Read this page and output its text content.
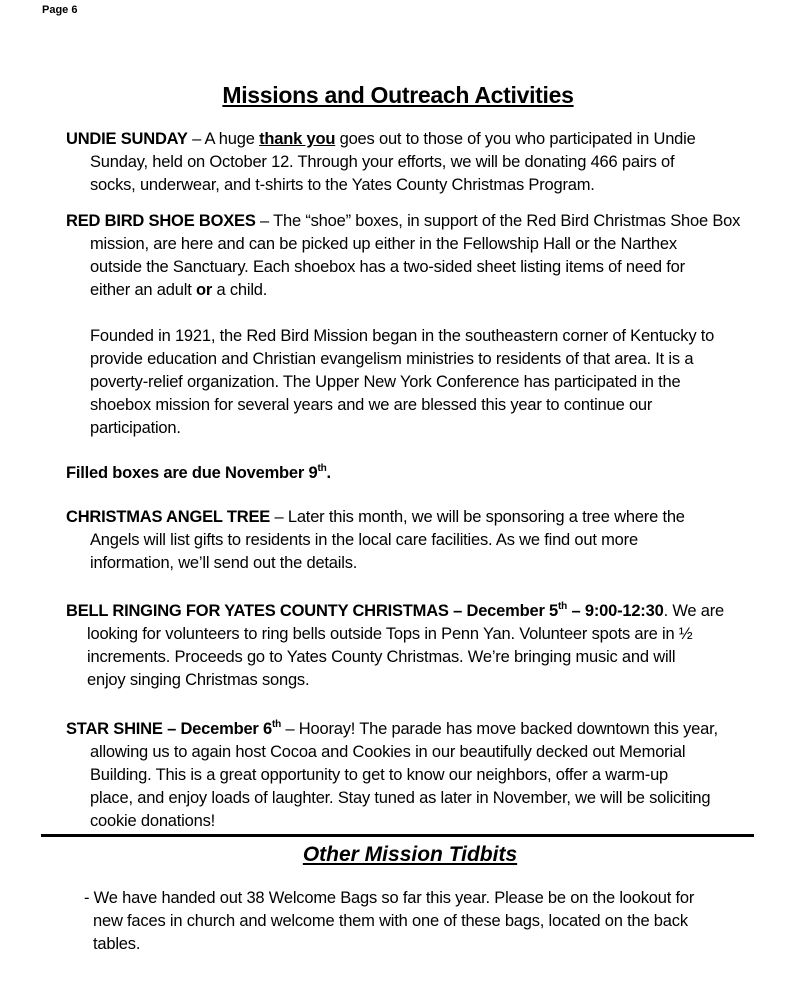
Page 6
Missions and Outreach Activities
UNDIE SUNDAY – A huge thank you goes out to those of you who participated in Undie
Sunday, held on October 12. Through your efforts, we will be donating 466 pairs of
socks, underwear, and t-shirts to the Yates County Christmas Program.
RED BIRD SHOE BOXES – The “shoe” boxes, in support of the Red Bird Christmas Shoe Box
mission, are here and can be picked up either in the Fellowship Hall or the Narthex
outside the Sanctuary. Each shoebox has a two-sided sheet listing items of need for
either an adult or a child.
Founded in 1921, the Red Bird Mission began in the southeastern corner of Kentucky to
provide education and Christian evangelism ministries to residents of that area. It is a
poverty-relief organization. The Upper New York Conference has participated in the
shoebox mission for several years and we are blessed this year to continue our
participation.
Filled boxes are due November 9th.
CHRISTMAS ANGEL TREE – Later this month, we will be sponsoring a tree where the
Angels will list gifts to residents in the local care facilities. As we find out more
information, we’ll send out the details.
BELL RINGING FOR YATES COUNTY CHRISTMAS – December 5th – 9:00-12:30. We are
looking for volunteers to ring bells outside Tops in Penn Yan. Volunteer spots are in ½
increments. Proceeds go to Yates County Christmas. We’re bringing music and will
enjoy singing Christmas songs.
STAR SHINE – December 6th – Hooray! The parade has move backed downtown this year,
allowing us to again host Cocoa and Cookies in our beautifully decked out Memorial
Building. This is a great opportunity to get to know our neighbors, offer a warm-up
place, and enjoy loads of laughter. Stay tuned as later in November, we will be soliciting
cookie donations!
Other Mission Tidbits
- We have handed out 38 Welcome Bags so far this year. Please be on the lookout for
new faces in church and welcome them with one of these bags, located on the back
tables.
